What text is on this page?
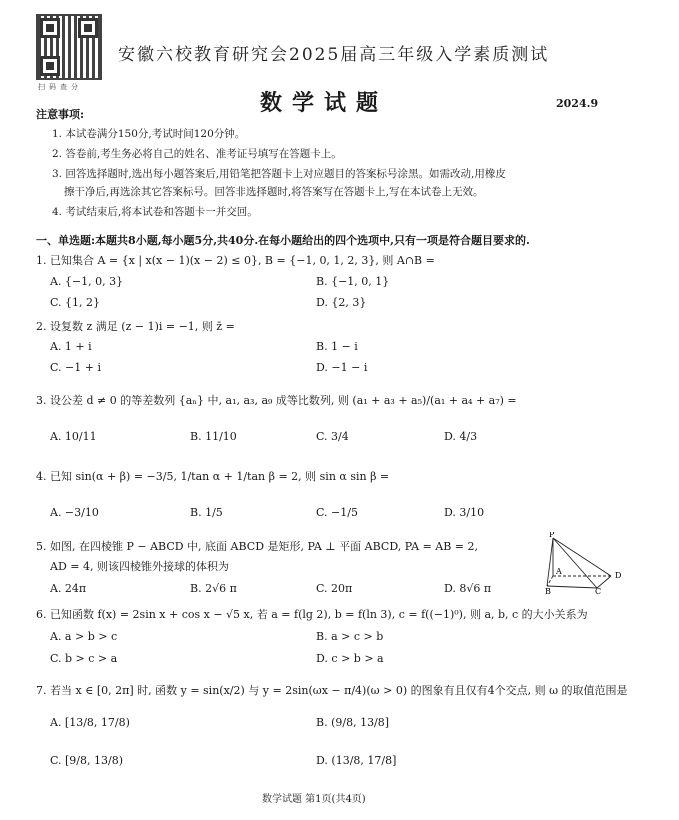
扫码查分
安徽六校教育研究会2025届高三年级入学素质测试
数学试题	2024.9
注意事项:
1. 本试卷满分150分,考试时间120分钟。
2. 答卷前,考生务必将自己的姓名、准考证号填写在答题卡上。
3. 回答选择题时,选出每小题答案后,用铅笔把答题卡上对应题目的答案标号涂黑。如需改动,用橡皮
擦干净后,再选涂其它答案标号。回答非选择题时,将答案写在答题卡上,写在本试卷上无效。
4. 考试结束后,将本试卷和答题卡一并交回。
一、单选题:本题共8小题,每小题5分,共40分.在每小题给出的四个选项中,只有一项是符合题目要求的.
1. 已知集合 A = {x | x(x − 1)(x − 2) ≤ 0}, B = {−1, 0, 1, 2, 3}, 则 A∩B =
A. {−1, 0, 3}	B. {−1, 0, 1}
C. {1, 2}	D. {2, 3}
2. 设复数 z 满足 (z − 1)i = −1, 则 z̄ =
A. 1 + i	B. 1 − i
C. −1 + i	D. −1 − i
3. 设公差 d ≠ 0 的等差数列 {aₙ} 中, a₁, a₃, a₉ 成等比数列, 则 (a₁ + a₃ + a₅)/(a₁ + a₄ + a₇) =
A. 10/11	B. 11/10	C. 3/4	D. 4/3
4. 已知 sin(α + β) = −3/5, 1/tan α + 1/tan β = 2, 则 sin α sin β =
A. −3/10	B. 1/5	C. −1/5	D. 3/10
5. 如图, 在四棱锥 P − ABCD 中, 底面 ABCD 是矩形, PA ⊥ 平面 ABCD, PA = AB = 2,
AD = 4, 则该四棱锥外接球的体积为
A. 24π	B. 2√6 π	C. 20π	D. 8√6 π
P
A
B	C
D
6. 已知函数 f(x) = 2sin x + cos x − √5 x, 若 a = f(lg 2), b = f(ln 3), c = f((−1)⁰), 则 a, b, c 的大小关系为
A. a > b > c	B. a > c > b
C. b > c > a	D. c > b > a
7. 若当 x ∈ [0, 2π] 时, 函数 y = sin(x/2) 与 y = 2sin(ωx − π/4)(ω > 0) 的图象有且仅有4个交点, 则 ω 的取值范围是
A. [13/8, 17/8)	B. (9/8, 13/8]
C. [9/8, 13/8)	D. (13/8, 17/8]
数学试题 第1页(共4页)
